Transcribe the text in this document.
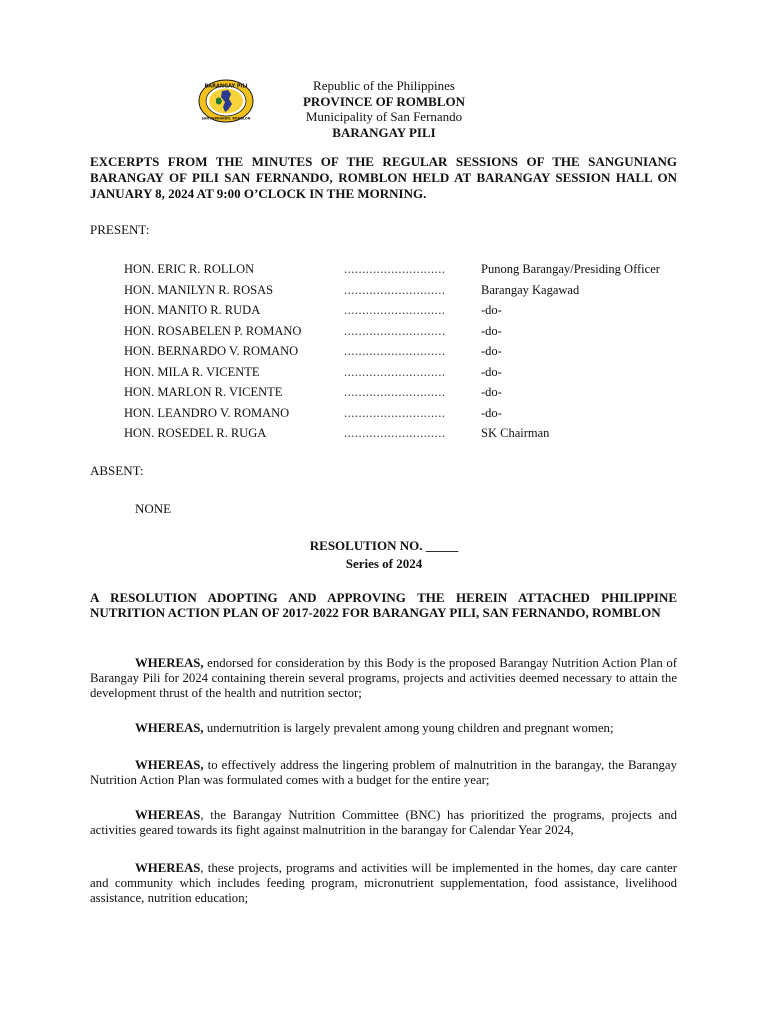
BARANGAY PILI
SAN FERNANDO, ROMBLON
Republic of the Philippines
PROVINCE OF ROMBLON
Municipality of San Fernando
BARANGAY PILI
EXCERPTS FROM THE MINUTES OF THE REGULAR SESSIONS OF THE SANGUNIANG BARANGAY OF PILI SAN FERNANDO, ROMBLON HELD AT BARANGAY SESSION HALL ON JANUARY 8, 2024 AT 9:00 O’CLOCK IN THE MORNING.
PRESENT:
HON. ERIC R. ROLLON	............................	Punong Barangay/Presiding Officer
HON. MANILYN R. ROSAS	............................	Barangay Kagawad
HON. MANITO R. RUDA	............................	-do-
HON. ROSABELEN P. ROMANO	............................	-do-
HON. BERNARDO V. ROMANO	............................	-do-
HON. MILA R. VICENTE	............................	-do-
HON. MARLON R. VICENTE	............................	-do-
HON. LEANDRO V. ROMANO	............................	-do-
HON. ROSEDEL R. RUGA	............................	SK Chairman
ABSENT:
NONE
RESOLUTION NO. _____
Series of 2024
A RESOLUTION ADOPTING AND APPROVING THE HEREIN ATTACHED PHILIPPINE NUTRITION ACTION PLAN OF 2017-2022 FOR BARANGAY PILI, SAN FERNANDO, ROMBLON
WHEREAS, endorsed for consideration by this Body is the proposed Barangay Nutrition Action Plan of Barangay Pili for 2024 containing therein several programs, projects and activities deemed necessary to attain the development thrust of the health and nutrition sector;
WHEREAS, undernutrition is largely prevalent among young children and pregnant women;
WHEREAS, to effectively address the lingering problem of malnutrition in the barangay, the Barangay Nutrition Action Plan was formulated comes with a budget for the entire year;
WHEREAS, the Barangay Nutrition Committee (BNC) has prioritized the programs, projects and activities geared towards its fight against malnutrition in the barangay for Calendar Year 2024,
WHEREAS, these projects, programs and activities will be implemented in the homes, day care canter and community which includes feeding program, micronutrient supplementation, food assistance, livelihood assistance, nutrition education;
